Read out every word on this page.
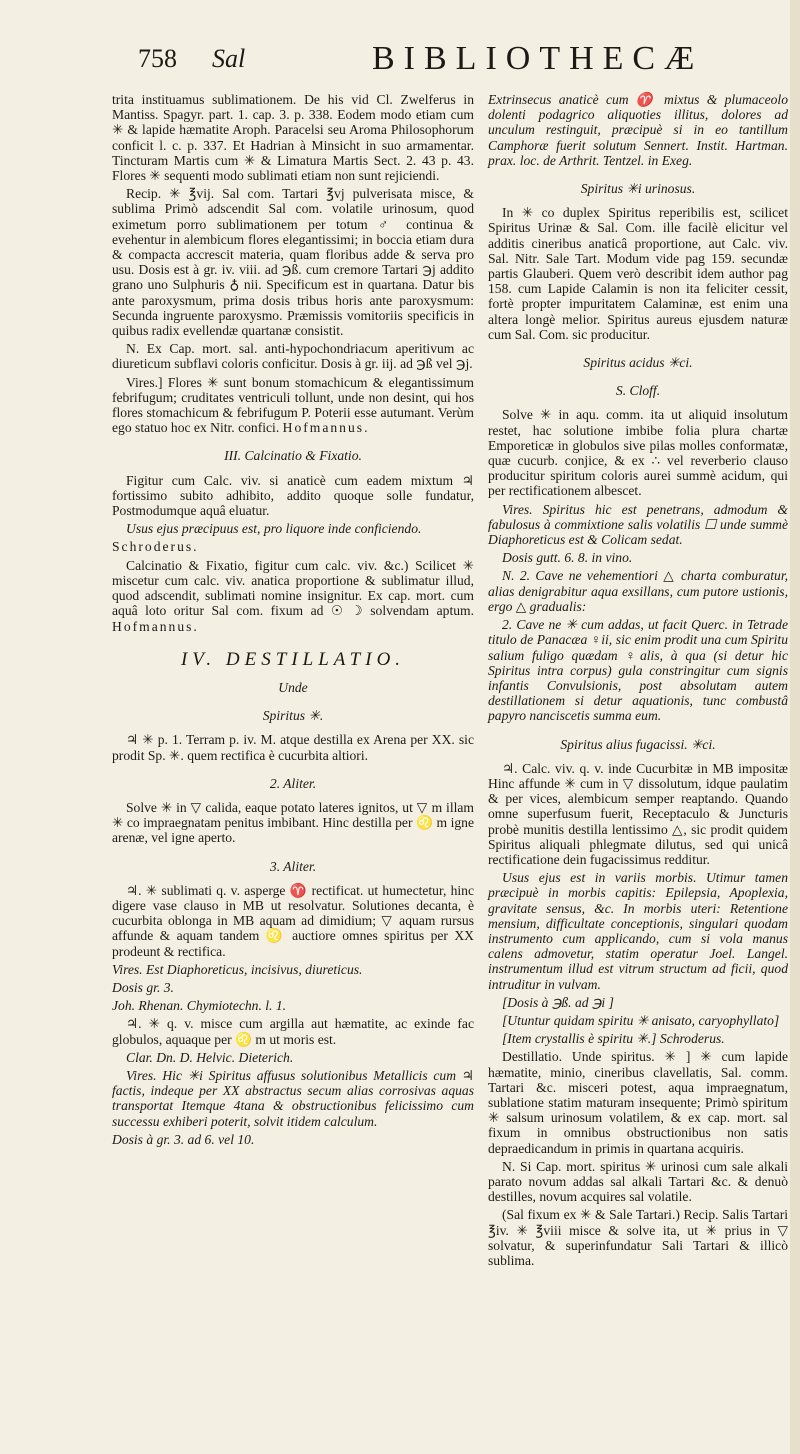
758 Sal	BIBLIOTHECÆ

trita instituamus sublimationem. De his vid Cl. Zwelferus in Mantiss. Spagyr. part. 1. cap. 3. p. 338. Eodem modo etiam cum ✳ & lapide hæmatite Aroph. Paracelsi seu Aroma Philosophorum conficit l. c. p. 337. Et Hadrian à Minsicht in suo armamentar. Tincturam Martis cum ✳ & Limatura Martis Sect. 2. 43 p. 43. Flores ✳ sequenti modo sublimati etiam non sunt rejiciendi.

Recip. ✳ ℥vij. Sal com. Tartari ℥vj pulverisata misce, & sublima Primò adscendit Sal com. volatile urinosum, quod eximetum porro sublimationem per totum ♂ continua & evehentur in alembicum flores elegantissimi; in boccia etiam dura & compacta accrescit materia, quam floribus adde & serva pro usu. Dosis est à gr. iv. viii. ad ℈ß. cum cremore Tartari ℈j addito grano uno Sulphuris ♁ nii. Specificum est in quartana. Datur bis ante paroxysmum, prima dosis tribus horis ante paroxysmum: Secunda ingruente paroxysmo. Præmissis vomitoriis specificis in quibus radix evellendæ quartanæ consistit.

N. Ex Cap. mort. sal. anti-hypochondriacum aperitivum ac diureticum subflavi coloris conficitur. Dosis à gr. iij. ad ℈ß vel ℈j.

Vires.] Flores ✳ sunt bonum stomachicum & elegantissimum febrifugum; cruditates ventriculi tollunt, unde non desint, qui hos flores stomachicum & febrifugum P. Poterii esse autumant. Verùm ego statuo hoc ex Nitr. confici. Hofmannus.

III. Calcinatio & Fixatio.

Figitur cum Calc. viv. si anaticè cum eadem mixtum ♃ fortissimo subito adhibito, addito quoque solle fundatur, Postmodumque aquâ eluatur.

Usus ejus præcipuus est, pro liquore inde conficiendo.

Schroderus.

Calcinatio & Fixatio, figitur cum calc. viv. &c.) Scilicet ✳ miscetur cum calc. viv. anatica proportione & sublimatur illud, quod adscendit, sublimati nomine insignitur. Ex cap. mort. cum aquâ loto oritur Sal com. fixum ad ☉ ☽ solvendam aptum. Hofmannus.

IV. DESTILLATIO.
Unde
Spiritus ✳.

♃ ✳ p. 1. Terram p. iv. M. atque destilla ex Arena per XX. sic prodit Sp. ✳. quem rectifica è cucurbita altiori.

2. Aliter.

Solve ✳ in ▽ calida, eaque potato lateres ignitos, ut ▽ m illam ✳ co impraegnatam penitus imbibant. Hinc destilla per ♌ m igne arenæ, vel igne aperto.

3. Aliter.

♃. ✳ sublimati q. v. asperge ♈ rectificat. ut humectetur, hinc digere vase clauso in MB ut resolvatur. Solutiones decanta, è cucurbita oblonga in MB aquam ad dimidium; ▽ aquam rursus affunde & aquam tandem ♌ auctiore omnes spiritus per XX prodeunt & rectifica.

Vires. Est Diaphoreticus, incisivus, diureticus.

Dosis gr. 3.

Joh. Rhenan. Chymiotechn. l. 1.

♃. ✳ q. v. misce cum argilla aut hæmatite, ac exinde fac globulos, aquaque per ♌ m ut moris est.

Clar. Dn. D. Helvic. Dieterich.

Vires. Hic ✳i Spiritus affusus solutionibus Metallicis cum ♃ factis, indeque per XX abstractus secum alias corrosivas aquas transportat Itemque 4tana & obstructionibus felicissimo cum successu exhiberi poterit, solvit itidem calculum.

Dosis à gr. 3. ad 6. vel 10.

Extrinsecus anaticè cum ♈ mixtus & plumaceolo dolenti podagrico aliquoties illitus, dolores ad unculum restinguit, præcipuè si in eo tantillum Camphoræ fuerit solutum Sennert. Instit. Hartman. prax. loc. de Arthrit. Tentzel. in Exeg.

Spiritus ✳i urinosus.

In ✳ co duplex Spiritus reperibilis est, scilicet Spiritus Urinæ & Sal. Com. ille facilè elicitur vel additis cineribus anaticâ proportione, aut Calc. viv. Sal. Nitr. Sale Tart. Modum vide pag 159. secundæ partis Glauberi. Quem verò describit idem author pag 158. cum Lapide Calamin is non ita feliciter cessit, fortè propter impuritatem Calaminæ, est enim una altera longè melior. Spiritus aureus ejusdem naturæ cum Sal. Com. sic producitur.

Spiritus acidus ✳ci.
S. Cloff.

Solve ✳ in aqu. comm. ita ut aliquid insolutum restet, hac solutione imbibe folia plura chartæ Emporeticæ in globulos sive pilas molles conformatæ, quæ cucurb. conjice, & ex ∴ vel reverberio clauso producitur spiritum coloris aurei summè acidum, qui per rectificationem albescet.

Vires. Spiritus hic est penetrans, admodum & fabulosus à commixtione salis volatilis ☐ unde summè Diaphoreticus est & Colicam sedat.

Dosis gutt. 6. 8. in vino.

N. 2. Cave ne vehementiori △ charta comburatur, alias denigrabitur aqua exsillans, cum putore ustionis, ergo △ gradualis:

2. Cave ne ✳ cum addas, ut facit Querc. in Tetrade titulo de Panacæa ♀ii, sic enim prodit una cum Spiritu salium fuligo quædam ♀alis, à qua (si detur hic Spiritus intra corpus) gula constringitur cum signis infantis Convulsionis, post absolutam autem destillationem si detur aquationis, tunc combustâ papyro nanciscetis summa eum.

Spiritus alius fugacissi. ✳ci.

♃. Calc. viv. q. v. inde Cucurbitæ in MB impositæ Hinc affunde ✳ cum in ▽ dissolutum, idque paulatim & per vices, alembicum semper reaptando. Quando omne superfusum fuerit, Receptaculo & Juncturis probè munitis destilla lentissimo △, sic prodit quidem Spiritus aliquali phlegmate dilutus, sed qui unicâ rectificatione dein fugacissimus redditur.

Usus ejus est in variis morbis. Utimur tamen præcipuè in morbis capitis: Epilepsia, Apoplexia, gravitate sensus, &c. In morbis uteri: Retentione mensium, difficultate conceptionis, singulari quodam instrumento cum applicando, cum si vola manus calens admovetur, statim operatur Joel. Langel. instrumentum illud est vitrum structum ad ficii, quod intruditur in vulvam.

[Dosis à ℈ß. ad ℈i ]

[Utuntur quidam spiritu ✳ anisato, caryophyllato]

[Item crystallis è spiritu ✳.] Schroderus.

Destillatio. Unde spiritus. ✳ ] ✳ cum lapide hæmatite, minio, cineribus clavellatis, Sal. comm. Tartari &c. misceri potest, aqua impraegnatum, sublatione statim maturam insequente; Primò spiritum ✳ salsum urinosum volatilem, & ex cap. mort. sal fixum in omnibus obstructionibus non satis depraedicandum in primis in quartana acquiris.

N. Si Cap. mort. spiritus ✳ urinosi cum sale alkali parato novum addas sal alkali Tartari &c. & denuò destilles, novum acquires sal volatile.

(Sal fixum ex ✳ & Sale Tartari.) Recip. Salis Tartari ℥iv. ✳ ℥viii misce & solve ita, ut ✳ prius in ▽ solvatur, & superinfundatur Sali Tartari & illicò sublima.
